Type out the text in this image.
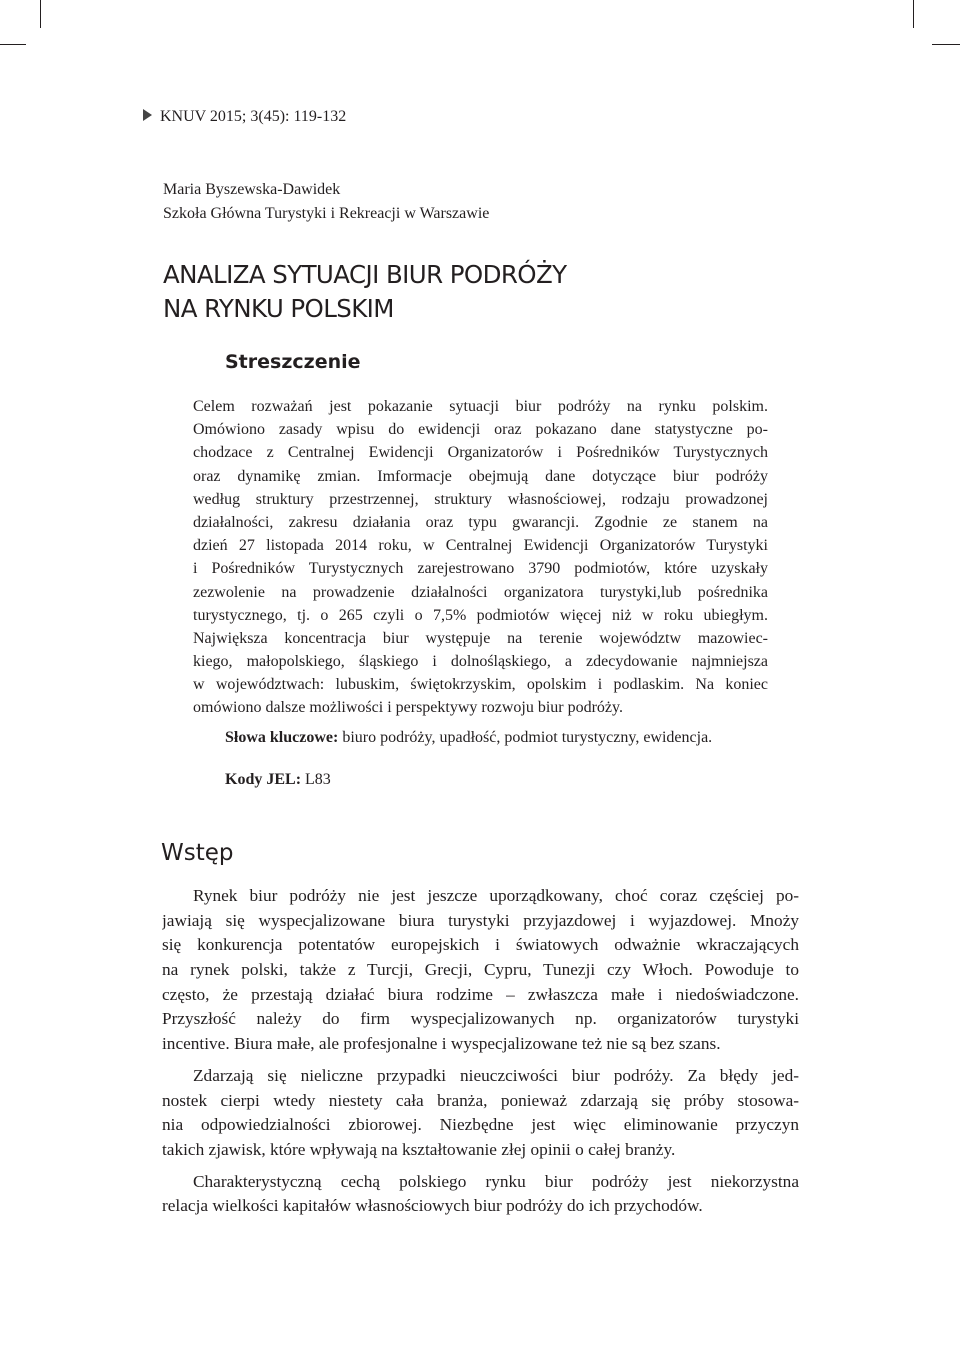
KNUV 2015; 3(45): 119-132
Maria Byszewska-Dawidek
Szkoła Główna Turystyki i Rekreacji w Warszawie
ANALIZA SYTUACJI BIUR PODRÓŻY
NA RYNKU POLSKIM
Streszczenie
Celem rozważań jest pokazanie sytuacji biur podróży na rynku polskim.
Omówiono zasady wpisu do ewidencji oraz pokazano dane statystyczne po-
chodzace z Centralnej Ewidencji Organizatorów i Pośredników Turystycznych
oraz dynamikę zmian. Imformacje obejmują dane dotyczące biur podróży
według struktury przestrzennej, struktury własnościowej, rodzaju prowadzonej
działalności, zakresu działania oraz typu gwarancji. Zgodnie ze stanem na
dzień 27 listopada 2014 roku, w Centralnej Ewidencji Organizatorów Turystyki
i Pośredników Turystycznych zarejestrowano 3790 podmiotów, które uzyskały
zezwolenie na prowadzenie działalności organizatora turystyki,lub pośrednika
turystycznego, tj. o 265 czyli o 7,5% podmiotów więcej niż w roku ubiegłym.
Największa koncentracja biur występuje na terenie województw mazowiec-
kiego, małopolskiego, śląskiego i dolnośląskiego, a zdecydowanie najmniejsza
w województwach: lubuskim, świętokrzyskim, opolskim i podlaskim. Na koniec
omówiono dalsze możliwości i perspektywy rozwoju biur podróży.
Słowa kluczowe: biuro podróży, upadłość, podmiot turystyczny, ewidencja.
Kody JEL: L83
Wstęp
Rynek biur podróży nie jest jeszcze uporządkowany, choć coraz częściej po-
jawiają się wyspecjalizowane biura turystyki przyjazdowej i wyjazdowej. Mnoży
się konkurencja potentatów europejskich i światowych odważnie wkraczających
na rynek polski, także z Turcji, Grecji, Cypru, Tunezji czy Włoch. Powoduje to
często, że przestają działać biura rodzime – zwłaszcza małe i niedoświadczone.
Przyszłość należy do firm wyspecjalizowanych np. organizatorów turystyki
incentive. Biura małe, ale profesjonalne i wyspecjalizowane też nie są bez szans.
Zdarzają się nieliczne przypadki nieuczciwości biur podróży. Za błędy jed-
nostek cierpi wtedy niestety cała branża, ponieważ zdarzają się próby stosowa-
nia odpowiedzialności zbiorowej. Niezbędne jest więc eliminowanie przyczyn
takich zjawisk, które wpływają na kształtowanie złej opinii o całej branży.
Charakterystyczną cechą polskiego rynku biur podróży jest niekorzystna
relacja wielkości kapitałów własnościowych biur podróży do ich przychodów.
